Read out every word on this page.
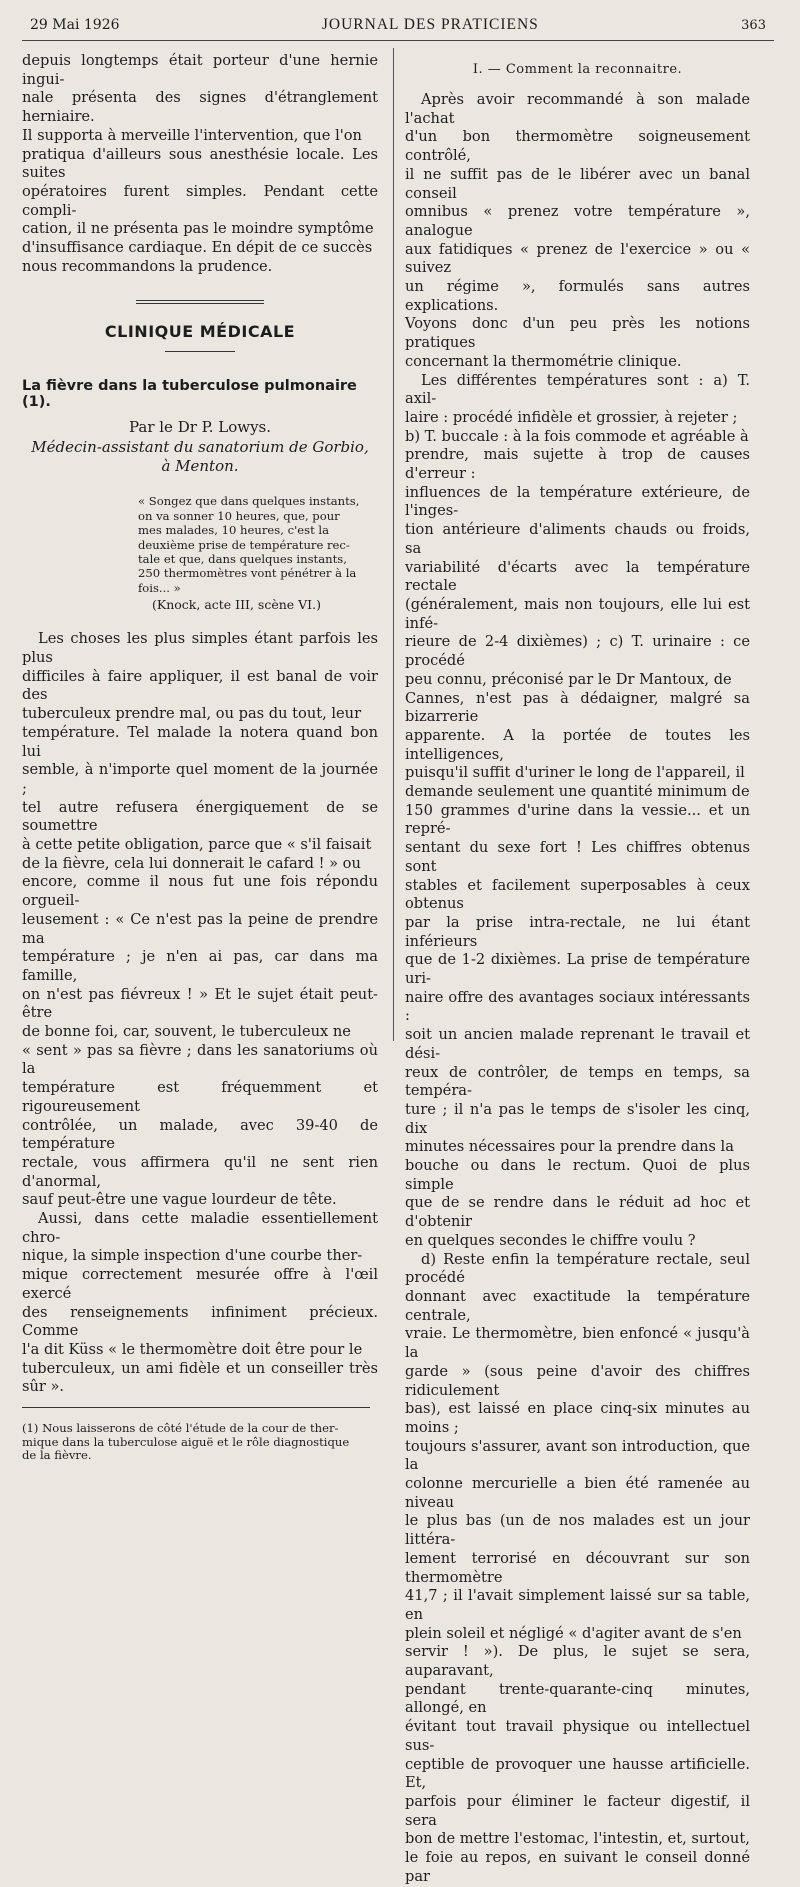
29 Mai 1926	JOURNAL DES PRATICIENS	363
depuis longtemps était porteur d'une hernie ingui-
nale présenta des signes d'étranglement herniaire.
Il supporta à merveille l'intervention, que l'on
pratiqua d'ailleurs sous anesthésie locale. Les suites
opératoires furent simples. Pendant cette compli-
cation, il ne présenta pas le moindre symptôme
d'insuffisance cardiaque. En dépit de ce succès
nous recommandons la prudence.
CLINIQUE MÉDICALE
La fièvre dans la tuberculose pulmonaire (1).
Par le Dr P. Lowys.
Médecin-assistant du sanatorium de Gorbio,
à Menton.
« Songez que dans quelques instants,
on va sonner 10 heures, que, pour
mes malades, 10 heures, c'est la
deuxième prise de température rec-
tale et que, dans quelques instants,
250 thermomètres vont pénétrer à la
fois... »
(Knock, acte III, scène VI.)
Les choses les plus simples étant parfois les plus
difficiles à faire appliquer, il est banal de voir des
tuberculeux prendre mal, ou pas du tout, leur
température. Tel malade la notera quand bon lui
semble, à n'importe quel moment de la journée ;
tel autre refusera énergiquement de se soumettre
à cette petite obligation, parce que « s'il faisait
de la fièvre, cela lui donnerait le cafard ! » ou
encore, comme il nous fut une fois répondu orgueil-
leusement : « Ce n'est pas la peine de prendre ma
température ; je n'en ai pas, car dans ma famille,
on n'est pas fiévreux ! » Et le sujet était peut-être
de bonne foi, car, souvent, le tuberculeux ne
« sent » pas sa fièvre ; dans les sanatoriums où la
température est fréquemment et rigoureusement
contrôlée, un malade, avec 39-40 de température
rectale, vous affirmera qu'il ne sent rien d'anormal,
sauf peut-être une vague lourdeur de tête.
Aussi, dans cette maladie essentiellement chro-
nique, la simple inspection d'une courbe ther-
mique correctement mesurée offre à l'œil exercé
des renseignements infiniment précieux. Comme
l'a dit Küss « le thermomètre doit être pour le
tuberculeux, un ami fidèle et un conseiller très sûr ».
(1) Nous laisserons de côté l'étude de la cour de ther-
mique dans la tuberculose aiguë et le rôle diagnostique
de la fièvre.
I. — Comment la reconnaitre.
Après avoir recommandé à son malade l'achat
d'un bon thermomètre soigneusement contrôlé,
il ne suffit pas de le libérer avec un banal conseil
omnibus « prenez votre température », analogue
aux fatidiques « prenez de l'exercice » ou « suivez
un régime », formulés sans autres explications.
Voyons donc d'un peu près les notions pratiques
concernant la thermométrie clinique.
Les différentes températures sont : a) T. axil-
laire : procédé infidèle et grossier, à rejeter ;
b) T. buccale : à la fois commode et agréable à
prendre, mais sujette à trop de causes d'erreur :
influences de la température extérieure, de l'inges-
tion antérieure d'aliments chauds ou froids, sa
variabilité d'écarts avec la température rectale
(généralement, mais non toujours, elle lui est infé-
rieure de 2-4 dixièmes) ; c) T. urinaire : ce procédé
peu connu, préconisé par le Dr Mantoux, de
Cannes, n'est pas à dédaigner, malgré sa bizarrerie
apparente. A la portée de toutes les intelligences,
puisqu'il suffit d'uriner le long de l'appareil, il
demande seulement une quantité minimum de
150 grammes d'urine dans la vessie... et un repré-
sentant du sexe fort ! Les chiffres obtenus sont
stables et facilement superposables à ceux obtenus
par la prise intra-rectale, ne lui étant inférieurs
que de 1-2 dixièmes. La prise de température uri-
naire offre des avantages sociaux intéressants :
soit un ancien malade reprenant le travail et dési-
reux de contrôler, de temps en temps, sa tempéra-
ture ; il n'a pas le temps de s'isoler les cinq, dix
minutes nécessaires pour la prendre dans la
bouche ou dans le rectum. Quoi de plus simple
que de se rendre dans le réduit ad hoc et d'obtenir
en quelques secondes le chiffre voulu ?
d) Reste enfin la température rectale, seul procédé
donnant avec exactitude la température centrale,
vraie. Le thermomètre, bien enfoncé « jusqu'à la
garde » (sous peine d'avoir des chiffres ridiculement
bas), est laissé en place cinq-six minutes au moins ;
toujours s'assurer, avant son introduction, que la
colonne mercurielle a bien été ramenée au niveau
le plus bas (un de nos malades est un jour littéra-
lement terrorisé en découvrant sur son thermomètre
41,7 ; il l'avait simplement laissé sur sa table, en
plein soleil et négligé « d'agiter avant de s'en
servir ! »). De plus, le sujet se sera, auparavant,
pendant trente-quarante-cinq minutes, allongé, en
évitant tout travail physique ou intellectuel sus-
ceptible de provoquer une hausse artificielle. Et,
parfois pour éliminer le facteur digestif, il sera
bon de mettre l'estomac, l'intestin, et, surtout,
le foie au repos, en suivant le conseil donné par
